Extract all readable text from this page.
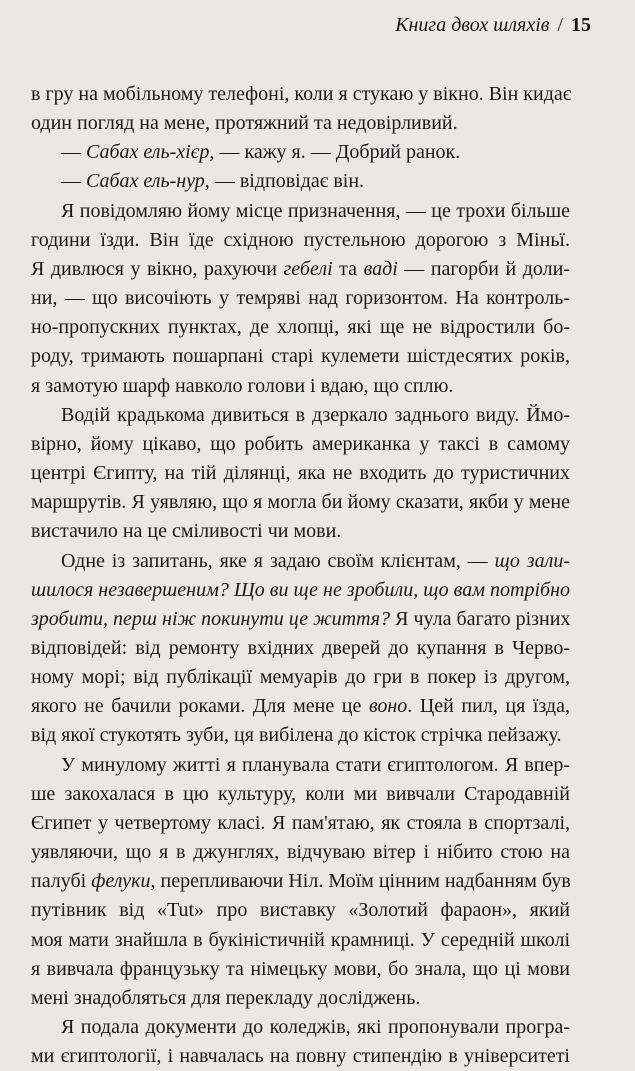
Книга двох шляхів / 15
в гру на мобільному телефоні, коли я стукаю у вікно. Він кидає
один погляд на мене, протяжний та недовірливий.
— Сабах ель-хієр, — кажу я. — Добрий ранок.
— Сабах ель-нур, — відповідає він.
Я повідомляю йому місце призначення, — це трохи більше
години їзди. Він їде східною пустельною дорогою з Міньї.
Я дивлюся у вікно, рахуючи гебелі та ваді — пагорби й доли-
ни, — що височіють у темряві над горизонтом. На контроль-
но-пропускних пунктах, де хлопці, які ще не відростили бо-
роду, тримають пошарпані старі кулемети шістдесятих років,
я замотую шарф навколо голови і вдаю, що сплю.
Водій крадькома дивиться в дзеркало заднього виду. Ймо-
вірно, йому цікаво, що робить американка у таксі в самому
центрі Єгипту, на тій ділянці, яка не входить до туристичних
маршрутів. Я уявляю, що я могла би йому сказати, якби у мене
вистачило на це сміливості чи мови.
Одне із запитань, яке я задаю своїм клієнтам, — що зали-
шилося незавершеним? Що ви ще не зробили, що вам потрібно
зробити, перш ніж покинути це життя? Я чула багато різних
відповідей: від ремонту вхідних дверей до купання в Черво-
ному морі; від публікації мемуарів до гри в покер із другом,
якого не бачили роками. Для мене це воно. Цей пил, ця їзда,
від якої стукотять зуби, ця вибілена до кісток стрічка пейзажу.
У минулому житті я планувала стати єгиптологом. Я впер-
ше закохалася в цю культуру, коли ми вивчали Стародавній
Єгипет у четвертому класі. Я пам'ятаю, як стояла в спортзалі,
уявляючи, що я в джунглях, відчуваю вітер і нібито стою на
палубі фелуки, перепливаючи Ніл. Моїм цінним надбанням був
путівник від «Tut» про виставку «Золотий фараон», який
моя мати знайшла в букіністичній крамниці. У середній школі
я вивчала французьку та німецьку мови, бо знала, що ці мови
мені знадобляться для перекладу досліджень.
Я подала документи до коледжів, які пропонували програ-
ми єгиптології, і навчалась на повну стипендію в університеті
